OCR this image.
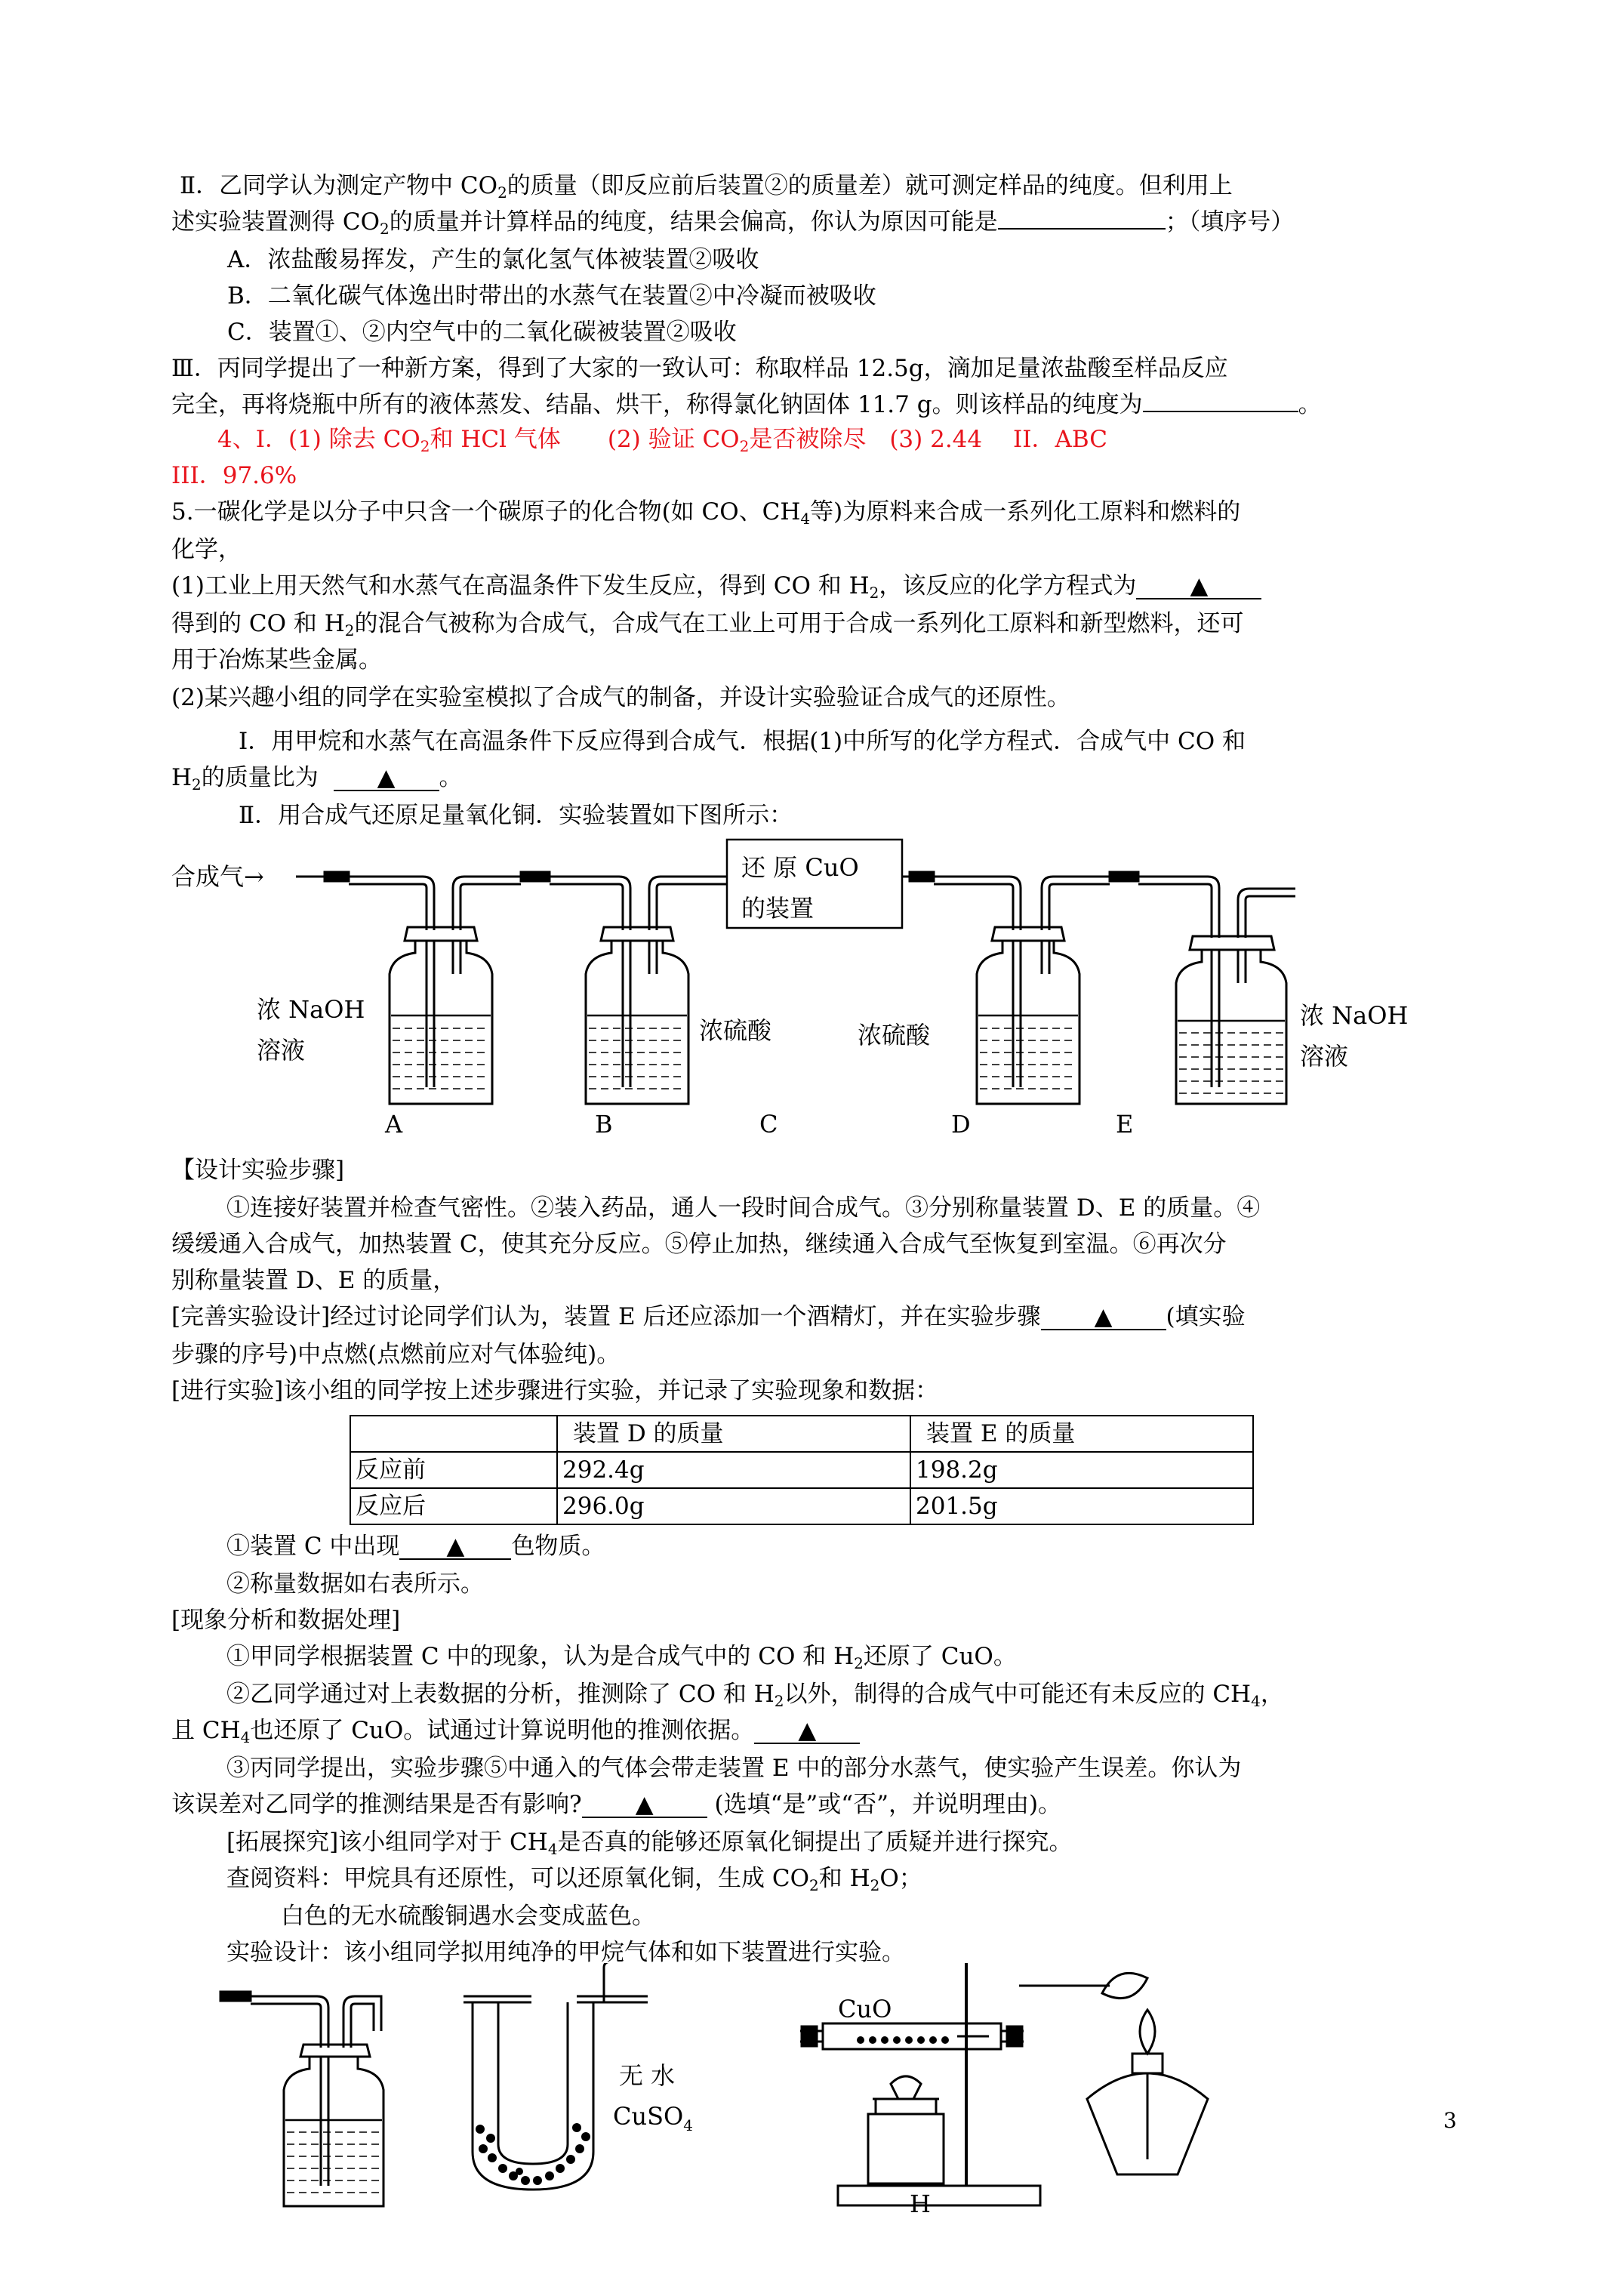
Ⅱ．乙同学认为测定产物中 $CO_2$的质量（即反应前后装置②的质量差）就可测定样品的纯度。但利用上
述实验装置测得 $CO_2$的质量并计算样品的纯度，结果会偏高，你认为原因可能是	；（填序号）
A．浓盐酸易挥发，产生的氯化氢气体被装置②吸收
B．二氧化碳气体逸出时带出的水蒸气在装置②中冷凝而被吸收
C．装置①、②内空气中的二氧化碳被装置②吸收
Ⅲ．丙同学提出了一种新方案，得到了大家的一致认可：称取样品 12.5g，滴加足量浓盐酸至样品反应
完全，再将烧瓶中所有的液体蒸发、结晶、烘干，称得氯化钠固体 11.7 g。则该样品的纯度为	。
4、I．(1) 除去 $CO_2$和 HCl 气体　　(2) 验证 $CO_2$是否被除尽　(3) 2.44　 II．ABC
III．97.6%
5.一碳化学是以分子中只含一个碳原子的化合物(如 CO、$CH_4$等)为原料来合成一系列化工原料和燃料的
化学，
(1)工业上用天然气和水蒸气在高温条件下发生反应，得到 CO 和 $H_2$，该反应的化学方程式为 ▲
得到的 CO 和 $H_2$的混合气被称为合成气，合成气在工业上可用于合成一系列化工原料和新型燃料，还可
用于冶炼某些金属。
(2)某兴趣小组的同学在实验室模拟了合成气的制备，并设计实验验证合成气的还原性。
Ⅰ．用甲烷和水蒸气在高温条件下反应得到合成气．根据(1)中所写的化学方程式．合成气中 CO 和
$H_2$的质量比为	▲ 。
Ⅱ．用合成气还原足量氧化铜．实验装置如下图所示：
合成气→	还 原 CuO
的装置
浓 NaOH
溶液
浓硫酸	浓硫酸
浓 NaOH
溶液
A	B	C	D	E
【设计实验步骤]
①连接好装置并检查气密性。②装入药品，通人一段时间合成气。③分别称量装置 D、E 的质量。④
缓缓通入合成气，加热装置 C，使其充分反应。⑤停止加热，继续通入合成气至恢复到室温。⑥再次分
别称量装置 D、E 的质量，
[完善实验设计]经过讨论同学们认为，装置 E 后还应添加一个酒精灯，并在实验步骤 ▲ (填实验
步骤的序号)中点燃(点燃前应对气体验纯)。
[进行实验]该小组的同学按上述步骤进行实验，并记录了实验现象和数据：
	装置 D 的质量	装置 E 的质量
反应前	292.4g	198.2g
反应后	296.0g	201.5g
①装置 C 中出现 ▲ 色物质。
②称量数据如右表所示。
[现象分析和数据处理]
①甲同学根据装置 C 中的现象，认为是合成气中的 CO 和 $H_2$还原了 CuO。
②乙同学通过对上表数据的分析，推测除了 CO 和 $H_2$以外，制得的合成气中可能还有未反应的 $CH_4$，
且 $CH_4$也还原了 CuO。试通过计算说明他的推测依据。 ▲
③丙同学提出，实验步骤⑤中通入的气体会带走装置 E 中的部分水蒸气，使实验产生误差。你认为
该误差对乙同学的推测结果是否有影响? ▲ (选填“是”或“否”，并说明理由)。
[拓展探究]该小组同学对于 $CH_4$是否真的能够还原氧化铜提出了质疑并进行探究。
查阅资料：甲烷具有还原性，可以还原氧化铜，生成 $CO_2$和 $H_2O$；
白色的无水硫酸铜遇水会变成蓝色。
实验设计：该小组同学拟用纯净的甲烷气体和如下装置进行实验。
无 水
CuSO$_4$
CuO
H
3
